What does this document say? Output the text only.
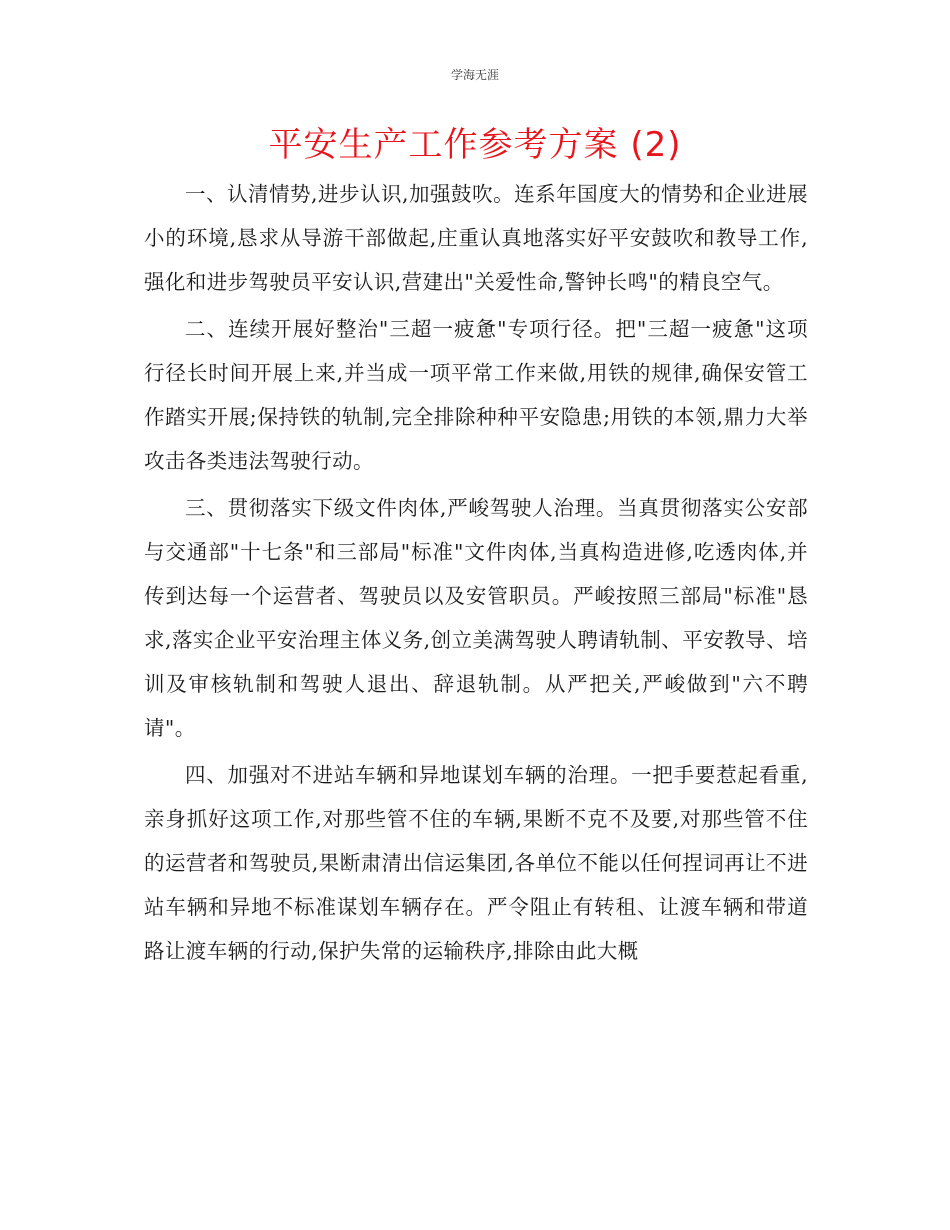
学海无涯
平安生产工作参考方案 (2)

一、认清情势,进步认识,加强鼓吹。连系年国度大的情势和企业进展小的环境,恳求从导游干部做起,庄重认真地落实好平安鼓吹和教导工作,强化和进步驾驶员平安认识,营建出"关爱性命,警钟长鸣"的精良空气。

二、连续开展好整治"三超一疲惫"专项行径。把"三超一疲惫"这项行径长时间开展上来,并当成一项平常工作来做,用铁的规律,确保安管工作踏实开展;保持铁的轨制,完全排除种种平安隐患;用铁的本领,鼎力大举攻击各类违法驾驶行动。

三、贯彻落实下级文件肉体,严峻驾驶人治理。当真贯彻落实公安部与交通部"十七条"和三部局"标准"文件肉体,当真构造进修,吃透肉体,并传到达每一个运营者、驾驶员以及安管职员。严峻按照三部局"标准"恳求,落实企业平安治理主体义务,创立美满驾驶人聘请轨制、平安教导、培训及审核轨制和驾驶人退出、辞退轨制。从严把关,严峻做到"六不聘请"。

四、加强对不进站车辆和异地谋划车辆的治理。一把手要惹起看重,亲身抓好这项工作,对那些管不住的车辆,果断不克不及要,对那些管不住的运营者和驾驶员,果断肃清出信运集团,各单位不能以任何捏词再让不进站车辆和异地不标准谋划车辆存在。严令阻止有转租、让渡车辆和带道路让渡车辆的行动,保护失常的运输秩序,排除由此大概
